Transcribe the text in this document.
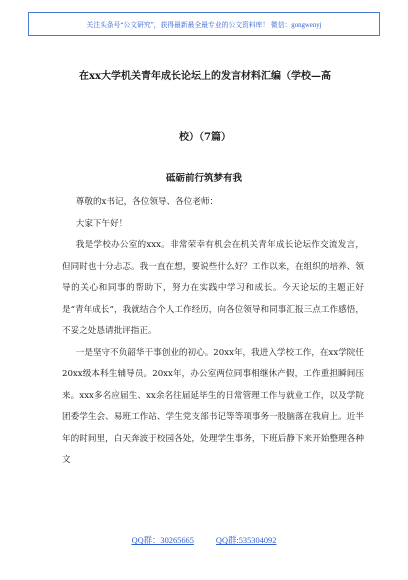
关注头条号“公文研究”，获得最新最全最专业的公文资料库！ 微信：gongwenyj
在xx大学机关青年成长论坛上的发言材料汇编（学校—高
校）（7篇）
砥砺前行筑梦有我

尊敬的x书记，各位领导、各位老师：

大家下午好！

我是学校办公室的xxx。非常荣幸有机会在机关青年成长论坛作交流发言，但同时也十分忐忑。我一直在想，要说些什么好？工作以来，在组织的培养、领导的关心和同事的帮助下，努力在实践中学习和成长。今天论坛的主题正好是“青年成长”，我就结合个人工作经历，向各位领导和同事汇报三点工作感悟，不妥之处恳请批评指正。

一是坚守不负韶华干事创业的初心。20xx年，我进入学校工作，在xx学院任20xx级本科生辅导员。20xx年，办公室两位同事相继休产假，工作重担瞬间压来。xxx多名应届生、xx余名往届延毕生的日常管理工作与就业工作，以及学院团委学生会、易班工作站、学生党支部书记等等项事务一股脑落在我肩上。近半年的时间里，白天奔波于校园各处，处理学生事务，下班后静下来开始整理各种文

QQ群：30265665	QQ群:535304092
